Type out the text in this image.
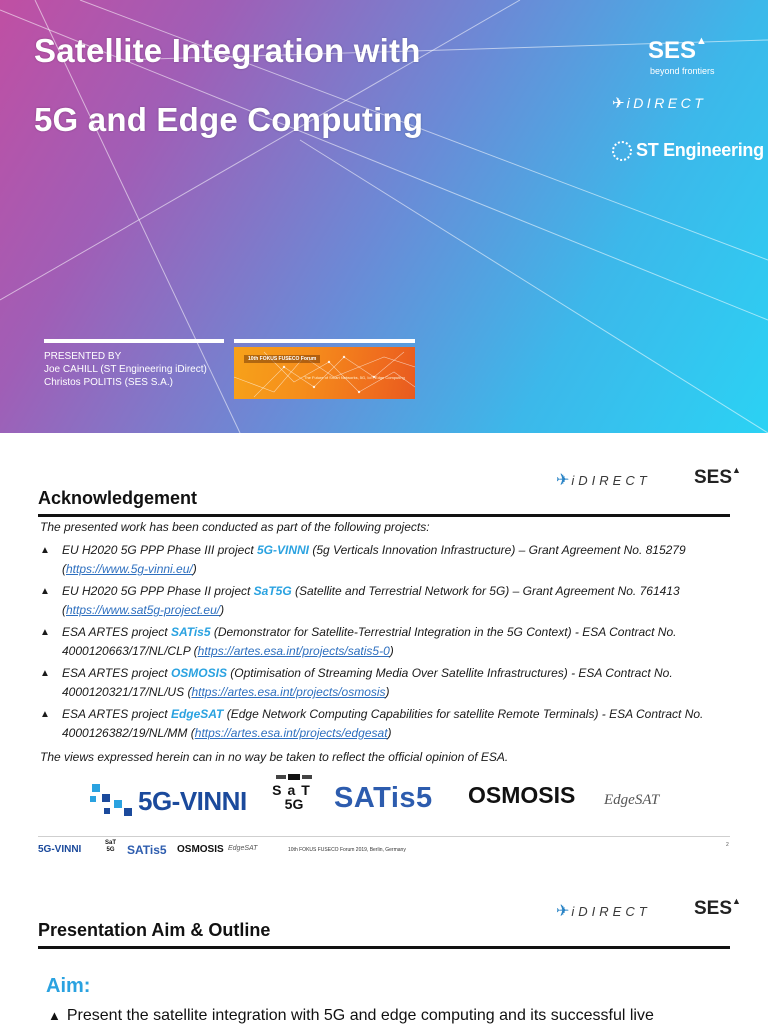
Satellite Integration with
5G and Edge Computing
SES▲
beyond frontiers
✈ iDIRECT
ST Engineering
PRESENTED BY
Joe CAHILL (ST Engineering iDirect)
Christos POLITIS (SES S.A.)
10th FOKUS FUSECO Forum
The Future of Smart Networks, 5G, IoT, Edge Computing
✈ iDIRECT SES▲
Acknowledgement

The presented work has been conducted as part of the following projects:

▲ EU H2020 5G PPP Phase III project 5G-VINNI (5g Verticals Innovation Infrastructure) – Grant Agreement No. 815279
(https://www.5g-vinni.eu/)
▲ EU H2020 5G PPP Phase II project SaT5G (Satellite and Terrestrial Network for 5G) – Grant Agreement No. 761413
(https://www.sat5g-project.eu/)
▲ ESA ARTES project SATis5 (Demonstrator for Satellite-Terrestrial Integration in the 5G Context) - ESA Contract No. 4000120663/17/NL/CLP (https://artes.esa.int/projects/satis5-0)
▲ ESA ARTES project OSMOSIS (Optimisation of Streaming Media Over Satellite Infrastructures) - ESA Contract No. 4000120321/17/NL/US (https://artes.esa.int/projects/osmosis)
▲ ESA ARTES project EdgeSAT (Edge Network Computing Capabilities for satellite Remote Terminals) - ESA Contract No. 4000126382/19/NL/MM (https://artes.esa.int/projects/edgesat)

The views expressed herein can in no way be taken to reflect the official opinion of ESA.

5G-VINNI SaT
5G	SATis5 OSMOSIS EdgeSAT
5G-VINNI
SaT
5G SATis5 OSMOSIS EdgeSAT	10th FOKUS FUSECO Forum 2019, Berlin, Germany
2
✈ iDIRECT SES▲
Presentation Aim & Outline
Aim:

▲ Present the satellite integration with 5G and edge computing and its successful live
